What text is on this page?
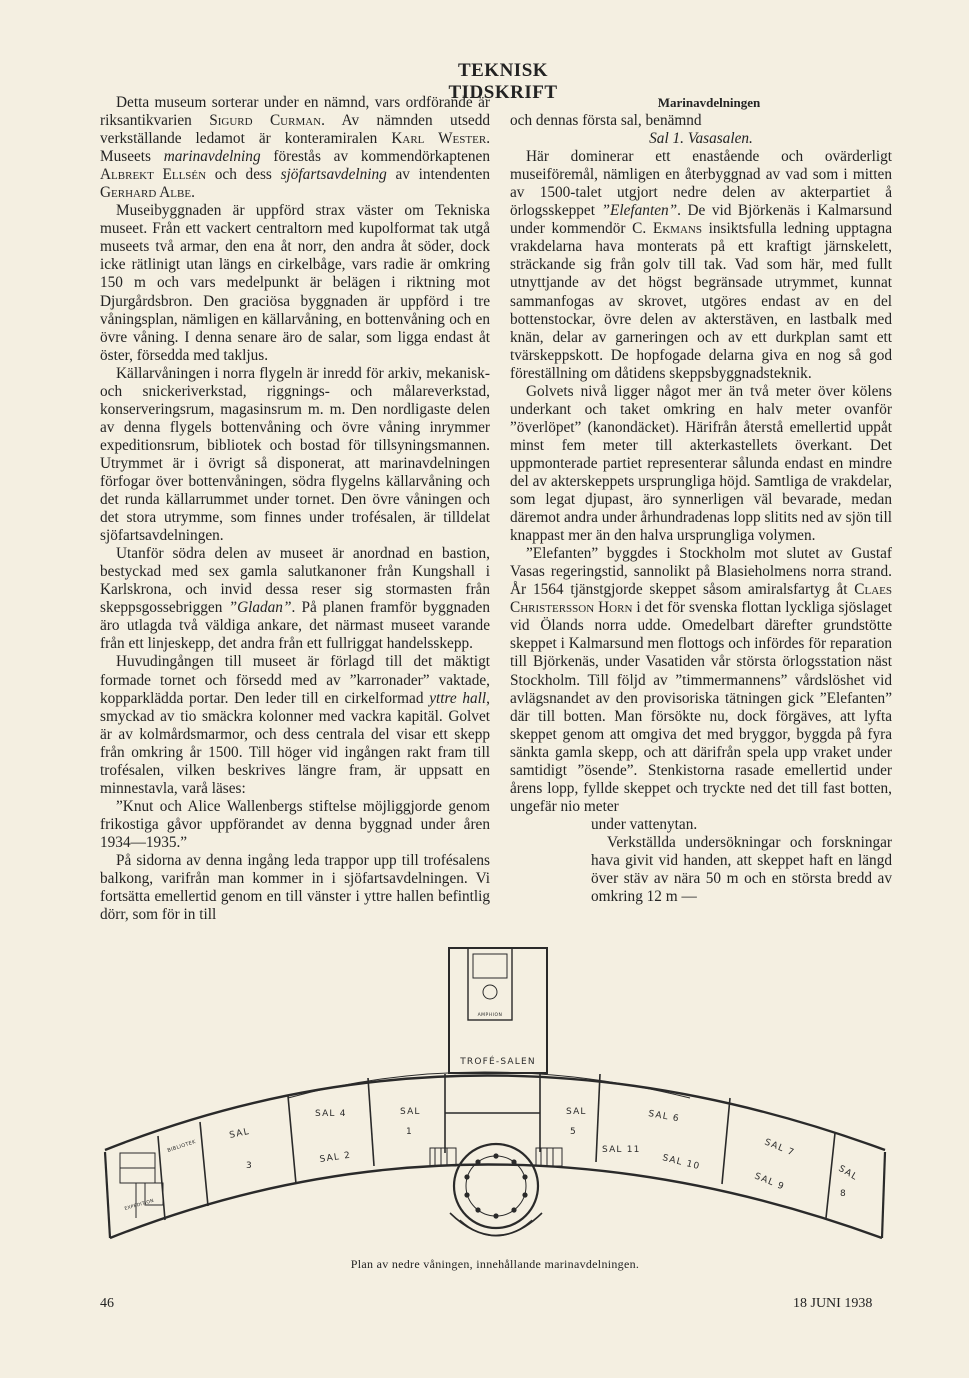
TEKNISK TIDSKRIFT

Detta museum sorterar under en nämnd, vars ordförande är riksantikvarien Sigurd Curman. Av nämnden utsedd verkställande ledamot är konteramiralen Karl Wester. Museets marinavdelning förestås av kommendörkaptenen Albrekt Ellsén och dess sjöfartsavdelning av intendenten Gerhard Albe.

Museibyggnaden är uppförd strax väster om Tekniska museet. Från ett vackert centraltorn med kupolformat tak utgå museets två armar, den ena åt norr, den andra åt söder, dock icke rätlinigt utan längs en cirkelbåge, vars radie är omkring 150 m och vars medelpunkt är belägen i riktning mot Djurgårdsbron. Den graciösa byggnaden är uppförd i tre våningsplan, nämligen en källarvåning, en bottenvåning och en övre våning. I denna senare äro de salar, som ligga endast åt öster, försedda med takljus.

Källarvåningen i norra flygeln är inredd för arkiv, mekanisk- och snickeriverkstad, riggnings- och målareverkstad, konserveringsrum, magasinsrum m. m. Den nordligaste delen av denna flygels bottenvåning och övre våning inrymmer expeditionsrum, bibliotek och bostad för tillsyningsmannen. Utrymmet är i övrigt så disponerat, att marinavdelningen förfogar över bottenvåningen, södra flygelns källarvåning och det runda källarrummet under tornet. Den övre våningen och det stora utrymme, som finnes under trofésalen, är tilldelat sjöfartsavdelningen.

Utanför södra delen av museet är anordnad en bastion, bestyckad med sex gamla salutkanoner från Kungshall i Karlskrona, och invid dessa reser sig stormasten från skeppsgossebriggen ”Gladan”. På planen framför byggnaden äro utlagda två väldiga ankare, det närmast museet varande från ett linjeskepp, det andra från ett fullriggat handelsskepp.

Huvudingången till museet är förlagd till det mäktigt formade tornet och försedd med av ”karronader” vaktade, kopparklädda portar. Den leder till en cirkelformad yttre hall, smyckad av tio smäckra kolonner med vackra kapitäl. Golvet är av kolmårdsmarmor, och dess centrala del visar ett skepp från omkring år 1500. Till höger vid ingången rakt fram till trofésalen, vilken beskrives längre fram, är uppsatt en minnestavla, varå läses:

”Knut och Alice Wallenbergs stiftelse möjliggjorde genom frikostiga gåvor uppförandet av denna byggnad under åren 1934—1935.”

På sidorna av denna ingång leda trappor upp till trofésalens balkong, varifrån man kommer in i sjöfartsavdelningen. Vi fortsätta emellertid genom en till vänster i yttre hallen befintlig dörr, som för in till

Marinavdelningen

och dennas första sal, benämnd

Sal 1. Vasasalen.

Här dominerar ett enastående och ovärderligt museiföremål, nämligen en återbyggnad av vad som i mitten av 1500-talet utgjort nedre delen av akterpartiet å örlogsskeppet ”Elefanten”. De vid Björkenäs i Kalmarsund under kommendör C. Ekmans insiktsfulla ledning upptagna vrakdelarna hava monterats på ett kraftigt järnskelett, sträckande sig från golv till tak. Vad som här, med fullt utnyttjande av det högst begränsade utrymmet, kunnat sammanfogas av skrovet, utgöres endast av en del bottenstockar, övre delen av akterstäven, en lastbalk med knän, delar av garneringen och av ett durkplan samt ett tvärskeppskott. De hopfogade delarna giva en nog så god föreställning om dåtidens skeppsbyggnadsteknik.

Golvets nivå ligger något mer än två meter över kölens underkant och taket omkring en halv meter ovanför ”överlöpet” (kanondäcket). Härifrån återstå emellertid uppåt minst fem meter till akterkastellets överkant. Det uppmonterade partiet representerar sålunda endast en mindre del av akterskeppets ursprungliga höjd. Samtliga de vrakdelar, som legat djupast, äro synnerligen väl bevarade, medan däremot andra under århundradenas lopp slitits ned av sjön till knappast mer än den halva ursprungliga volymen.

”Elefanten” byggdes i Stockholm mot slutet av Gustaf Vasas regeringstid, sannolikt på Blasieholmens norra strand. År 1564 tjänstgjorde skeppet såsom amiralsfartyg åt Claes Christersson Horn i det för svenska flottan lyckliga sjöslaget vid Ölands norra udde. Omedelbart därefter grundstötte skeppet i Kalmarsund men flottogs och infördes för reparation till Björkenäs, under Vasatiden vår största örlogsstation näst Stockholm. Till följd av ”timmermannens” vårdslöshet vid avlägsnandet av den provisoriska tätningen gick ”Elefanten” där till botten. Man försökte nu, dock förgäves, att lyfta skeppet genom att omgiva det med bryggor, byggda på fyra sänkta gamla skepp, och att därifrån spela upp vraket under samtidigt ”ösende”. Stenkistorna rasade emellertid under årens lopp, fyllde skeppet och tryckte ned det till fast botten, ungefär nio meter

under vattenytan.

Verkställda undersökningar och forskningar hava givit vid handen, att skeppet haft en längd över stäv av nära 50 m och en största bredd av omkring 12 m —

TROFÉ-SALEN
AMPHION
SAL 4	SAL
1
SAL
5
SAL 6
SAL
3
SAL 2
SAL 11
SAL 10
SAL 7
SAL 9	SAL
8
BIBLIOTEK
EXPEDITION
Plan av nedre våningen, innehållande marinavdelningen.
46	18 JUNI 1938
